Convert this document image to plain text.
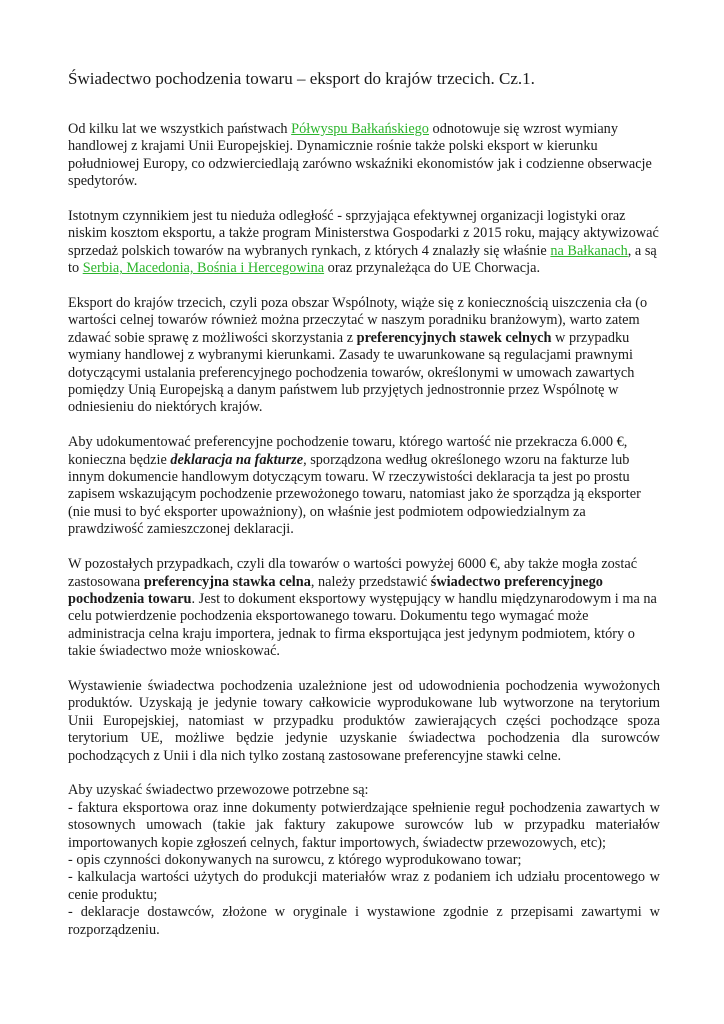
Świadectwo pochodzenia towaru – eksport do krajów trzecich. Cz.1.

Od kilku lat we wszystkich państwach Półwyspu Bałkańskiego odnotowuje się wzrost wymiany handlowej z krajami Unii Europejskiej. Dynamicznie rośnie także polski eksport w kierunku południowej Europy, co odzwierciedlają zarówno wskaźniki ekonomistów jak i codzienne obserwacje spedytorów.

Istotnym czynnikiem jest tu nieduża odległość - sprzyjająca efektywnej organizacji logistyki oraz niskim kosztom eksportu, a także program Ministerstwa Gospodarki z 2015 roku, mający aktywizować sprzedaż polskich towarów na wybranych rynkach, z których 4 znalazły się właśnie na Bałkanach, a są to Serbia, Macedonia, Bośnia i Hercegowina oraz przynależąca do UE Chorwacja.

Eksport do krajów trzecich, czyli poza obszar Wspólnoty, wiąże się z koniecznością uiszczenia cła (o wartości celnej towarów również można przeczytać w naszym poradniku branżowym), warto zatem zdawać sobie sprawę z możliwości skorzystania z preferencyjnych stawek celnych w przypadku wymiany handlowej z wybranymi kierunkami. Zasady te uwarunkowane są regulacjami prawnymi dotyczącymi ustalania preferencyjnego pochodzenia towarów, określonymi w umowach zawartych pomiędzy Unią Europejską a danym państwem lub przyjętych jednostronnie przez Wspólnotę w odniesieniu do niektórych krajów.

Aby udokumentować preferencyjne pochodzenie towaru, którego wartość nie przekracza 6.000 €, konieczna będzie deklaracja na fakturze, sporządzona według określonego wzoru na fakturze lub innym dokumencie handlowym dotyczącym towaru. W rzeczywistości deklaracja ta jest po prostu zapisem wskazującym pochodzenie przewożonego towaru, natomiast jako że sporządza ją eksporter (nie musi to być eksporter upoważniony), on właśnie jest podmiotem odpowiedzialnym za prawdziwość zamieszczonej deklaracji.

W pozostałych przypadkach, czyli dla towarów o wartości powyżej 6000 €, aby także mogła zostać zastosowana preferencyjna stawka celna, należy przedstawić świadectwo preferencyjnego pochodzenia towaru. Jest to dokument eksportowy występujący w handlu międzynarodowym i ma na celu potwierdzenie pochodzenia eksportowanego towaru. Dokumentu tego wymagać może administracja celna kraju importera, jednak to firma eksportująca jest jedynym podmiotem, który o takie świadectwo może wnioskować.

Wystawienie świadectwa pochodzenia uzależnione jest od udowodnienia pochodzenia wywożonych produktów. Uzyskają je jedynie towary całkowicie wyprodukowane lub wytworzone na terytorium Unii Europejskiej, natomiast w przypadku produktów zawierających części pochodzące spoza terytorium UE, możliwe będzie jedynie uzyskanie świadectwa pochodzenia dla surowców pochodzących z Unii i dla nich tylko zostaną zastosowane preferencyjne stawki celne.

Aby uzyskać świadectwo przewozowe potrzebne są:

- faktura eksportowa oraz inne dokumenty potwierdzające spełnienie reguł pochodzenia zawartych w stosownych umowach (takie jak faktury zakupowe surowców lub w przypadku materiałów importowanych kopie zgłoszeń celnych, faktur importowych, świadectw przewozowych, etc);

- opis czynności dokonywanych na surowcu, z którego wyprodukowano towar;

- kalkulacja wartości użytych do produkcji materiałów wraz z podaniem ich udziału procentowego w cenie produktu;

- deklaracje dostawców, złożone w oryginale i wystawione zgodnie z przepisami zawartymi w rozporządzeniu.
